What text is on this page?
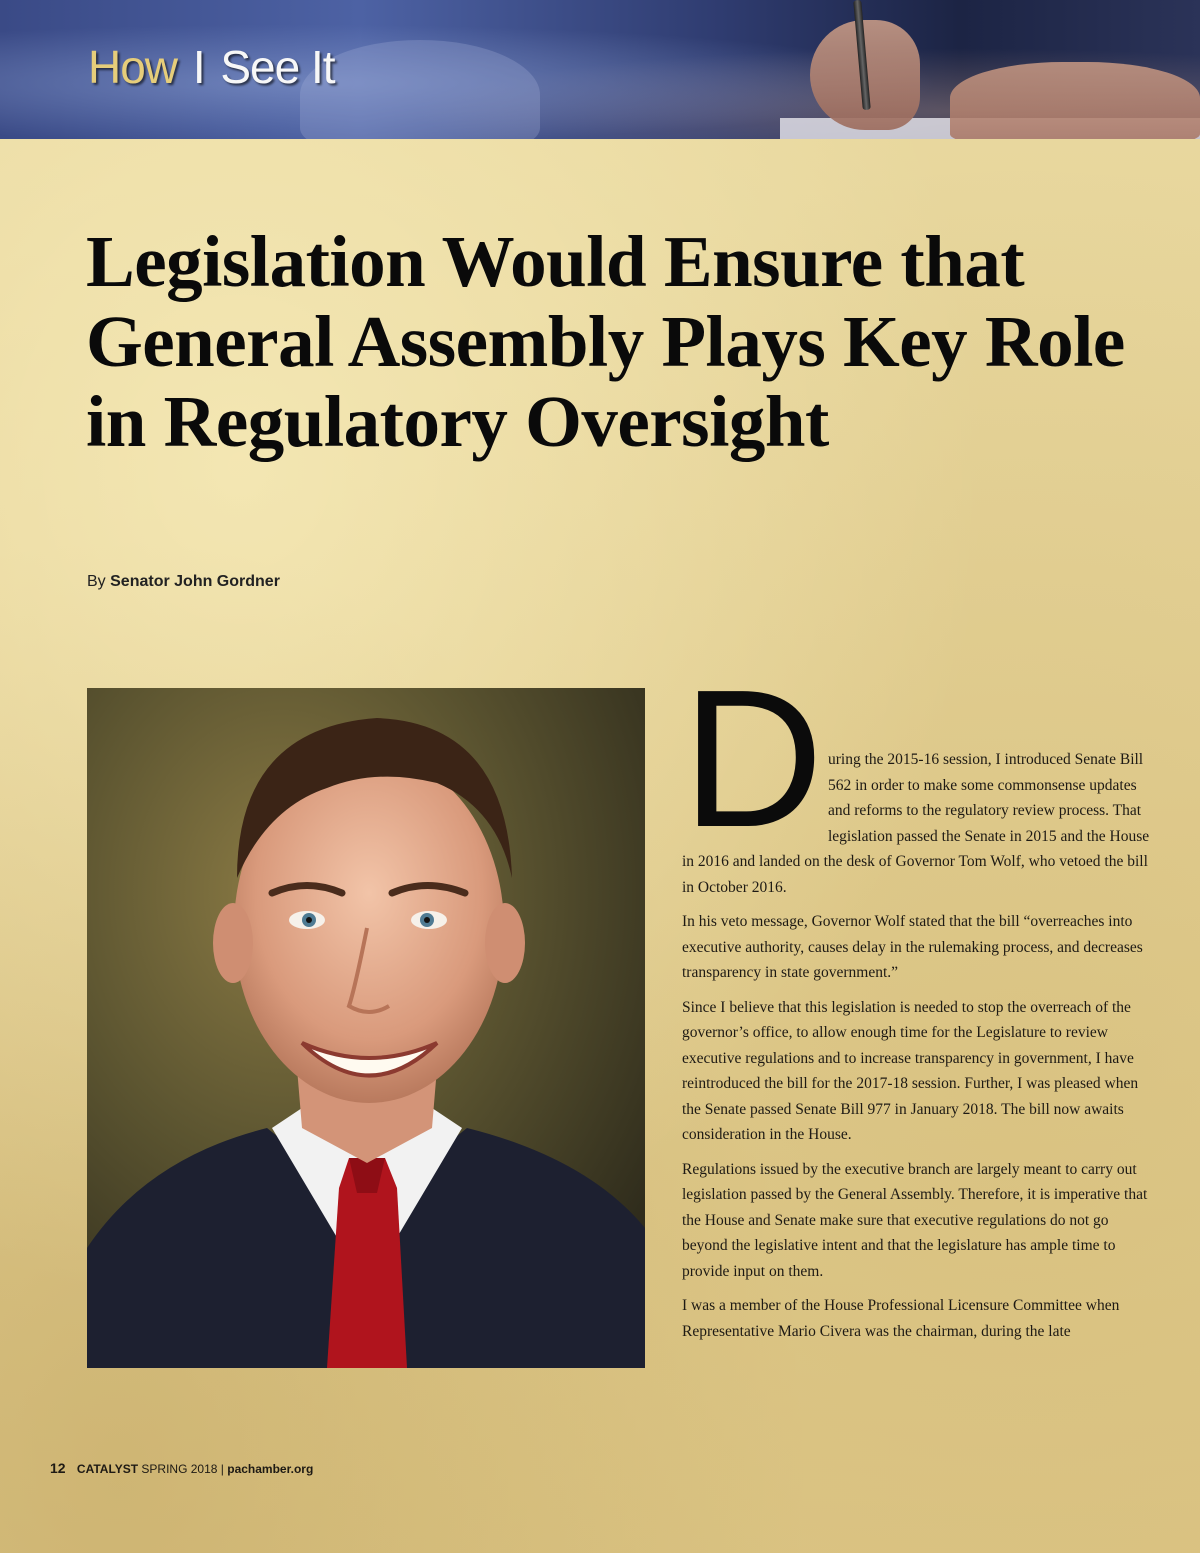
How I See It
Legislation Would Ensure that General Assembly Plays Key Role in Regulatory Oversight
By Senator John Gordner
D uring the 2015-16 session, I introduced Senate Bill 562 in order to make some commonsense updates and reforms to the regulatory review process. That legislation passed the Senate in 2015 and the House in 2016 and landed on the desk of Governor Tom Wolf, who vetoed the bill in October 2016.

In his veto message, Governor Wolf stated that the bill “overreaches into executive authority, causes delay in the rulemaking process, and decreases transparency in state government.”

Since I believe that this legislation is needed to stop the overreach of the governor’s office, to allow enough time for the Legislature to review executive regulations and to increase transparency in government, I have reintroduced the bill for the 2017-18 session. Further, I was pleased when the Senate passed Senate Bill 977 in January 2018. The bill now awaits consideration in the House.

Regulations issued by the executive branch are largely meant to carry out legislation passed by the General Assembly. Therefore, it is imperative that the House and Senate make sure that executive regulations do not go beyond the legislative intent and that the legislature has ample time to provide input on them.

I was a member of the House Professional Licensure Committee when Representative Mario Civera was the chairman, during the late

12 CATALYST SPRING 2018 | pachamber.org
